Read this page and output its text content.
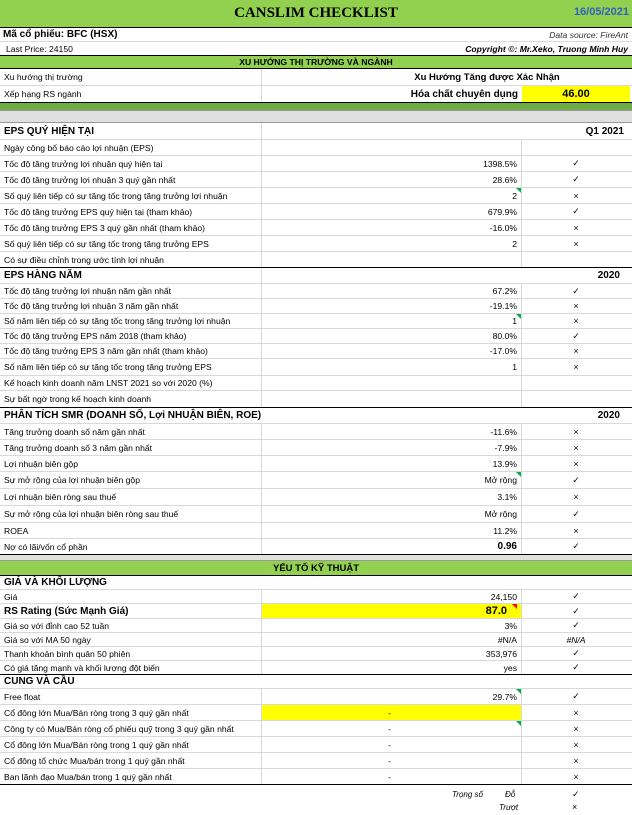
CANSLIM CHECKLIST	16/05/2021
Mã cổ phiếu: BFC (HSX)	Data source: FireAnt
Last Price: 24150	Copyright ©: Mr.Xeko, Truong Minh Huy
XU HƯỚNG THỊ TRƯỜNG VÀ NGÀNH
Xu hướng thị trường	Xu Hướng Tăng được Xác Nhận
Xếp hạng RS ngành	Hóa chất chuyên dụng	46.00
EPS QUÝ HIỆN TẠI	Q1 2021
Ngày công bố báo cáo lợi nhuận (EPS)
Tốc độ tăng trưởng lợi nhuận quý hiện tại	1398.5%	✓
Tốc độ tăng trưởng lợi nhuận 3 quý gần nhất	28.6%	✓
Số quý liên tiếp có sự tăng tốc trong tăng trưởng lợi nhuận	2	×
Tốc độ tăng trưởng EPS quý hiện tại (tham khảo)	679.9%	✓
Tốc độ tăng trưởng EPS 3 quý gần nhất (tham khảo)	-16.0%	×
Số quý liên tiếp có sự tăng tốc trong tăng trưởng EPS	2	×
Có sự điều chỉnh trong ước tính lợi nhuận
EPS HÀNG NĂM	2020
Tốc độ tăng trưởng lợi nhuận năm gần nhất	67.2%	✓
Tốc độ tăng trưởng lợi nhuận 3 năm gần nhất	-19.1%	×
Số năm liên tiếp có sự tăng tốc trong tăng trưởng lợi nhuận	1	×
Tốc độ tăng trưởng EPS năm 2018 (tham khảo)	80.0%	✓
Tốc độ tăng trưởng EPS 3 năm gần nhất (tham khảo)	-17.0%	×
Số năm liên tiếp có sự tăng tốc trong tăng trưởng EPS	1	×
Kế hoạch kinh doanh năm LNST 2021 so với 2020 (%)
Sự bất ngờ trong kế hoạch kinh doanh
PHÂN TÍCH SMR (DOANH SỐ, Lợi NHUẬN BIÊN, ROE)	2020
Tăng trưởng doanh số năm gần nhất	-11.6%	×
Tăng trưởng doanh số 3 năm gần nhất	-7.9%	×
Lợi nhuận biên gộp	13.9%	×
Sự mở rộng của lợi nhuận biên gộp	Mở rộng	✓
Lợi nhuận biên ròng sau thuế	3.1%	×
Sự mở rộng của lợi nhuận biên ròng sau thuế	Mở rộng	✓
ROEA	11.2%	×
Nợ có lãi/vốn cổ phần	0.96	✓
YẾU TỐ KỸ THUẬT
GIÁ VÀ KHỐI LƯỢNG
Giá	24,150	✓
RS Rating (Sức Mạnh Giá)	87.0	✓
Giá so với đỉnh cao 52 tuần	3%	✓
Giá so với MA 50 ngày	#N/A	#N/A
Thanh khoản bình quân 50 phiên	353,976	✓
Có giá tăng mạnh và khối lượng đột biến	yes	✓
CUNG VÀ CẦU
Free float	29.7%	✓
Cổ đông lớn Mua/Bán ròng trong 3 quý gần nhất	-	×
Công ty có Mua/Bán ròng cổ phiếu quỹ trong 3 quý gần nhất	-	×
Cổ đông lớn Mua/Bán ròng trong 1 quý gần nhất	-	×
Cổ đông tổ chức Mua/bán trong 1 quý gần nhất	-	×
Ban lãnh đạo Mua/bán trong 1 quý gần nhất	-	×
Trọng số	Đỗ	✓
Trượt	×
